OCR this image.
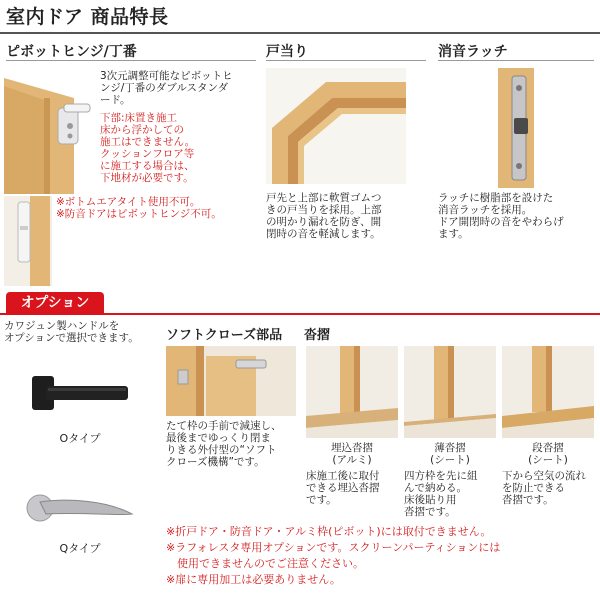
室内ドア 商品特長
ピボットヒンジ/丁番	戸当り	消音ラッチ
3次元調整可能なピボットヒ
ンジ/丁番のダブルスタンダ
ード。
下部:床置き施工
床から浮かしての
施工はできません。
クッションフロア等
に施工する場合は、
下地材が必要です。
※ボトムエアタイト使用不可。
※防音ドアはピボットヒンジ不可。
戸先と上部に軟質ゴムつ
きの戸当りを採用。上部
の明かり漏れを防ぎ、開
閉時の音を軽減します。
ラッチに樹脂部を設けた
消音ラッチを採用。
ドア開閉時の音をやわらげ
ます。
オプション
カワジュン製ハンドルを
オプションで選択できます。
Oタイプ
Qタイプ
ソフトクローズ部品
たて枠の手前で減速し、
最後までゆっくり閉ま
りきる外付型の“ソフト
クローズ機構”です。
沓摺
埋込沓摺
(アルミ)
薄沓摺
(シート)
段沓摺
(シート)
床施工後に取付
できる埋込沓摺
です。
四方枠を先に組
んで納める。
床後貼り用
沓摺です。
下から空気の流れ
を防止できる
沓摺です。
※折戸ドア・防音ドア・アルミ枠(ピボット)には取付できません。
※ラフォレスタ専用オプションです。スクリーンパーティションには
　使用できませんのでご注意ください。
※扉に専用加工は必要ありません。
